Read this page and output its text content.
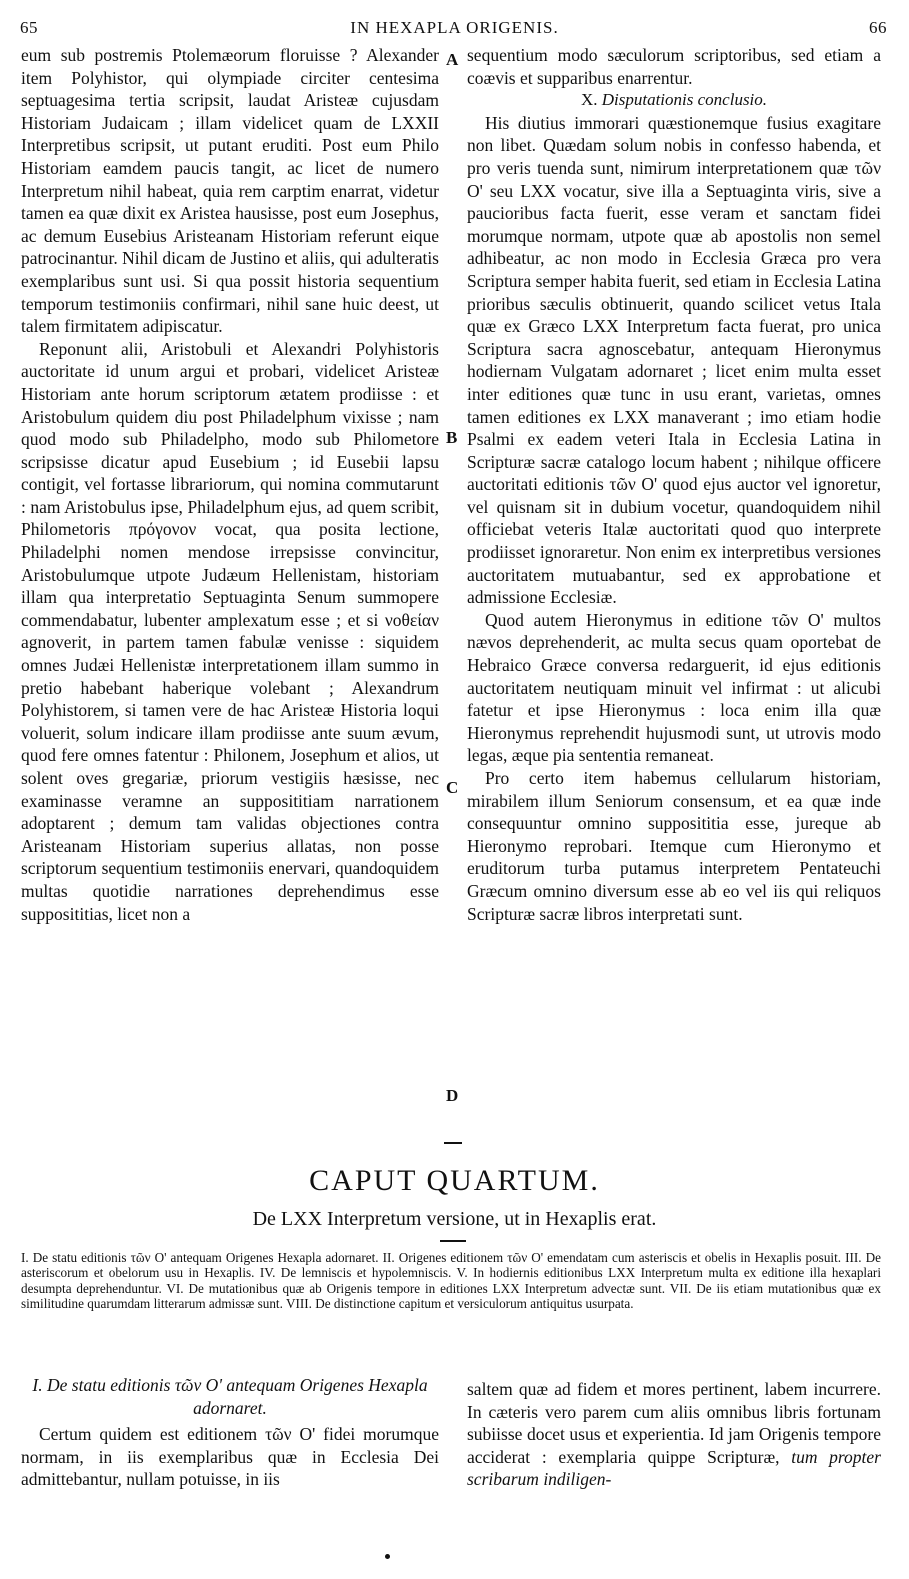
65	IN HEXAPLA ORIGENIS.	66

eum sub postremis Ptolemæorum floruisse ? Alexander item Polyhistor, qui olympiade circiter centesima septuagesima tertia scripsit, laudat Aristeæ cujusdam Historiam Judaicam ; illam videlicet quam de LXXII Interpretibus scripsit, ut putant eruditi. Post eum Philo Historiam eamdem paucis tangit, ac licet de numero Interpretum nihil habeat, quia rem carptim enarrat, videtur tamen ea quæ dixit ex Aristea hausisse, post eum Josephus, ac demum Eusebius Aristeanam Historiam referunt eique patrocinantur. Nihil dicam de Justino et aliis, qui adulteratis exemplaribus sunt usi. Si qua possit historia sequentium temporum testimoniis confirmari, nihil sane huic deest, ut talem firmitatem adipiscatur.

Reponunt alii, Aristobuli et Alexandri Polyhistoris auctoritate id unum argui et probari, videlicet Aristeæ Historiam ante horum scriptorum ætatem prodiisse : et Aristobulum quidem diu post Philadelphum vixisse ; nam quod modo sub Philadelpho, modo sub Philometore scripsisse dicatur apud Eusebium ; id Eusebii lapsu contigit, vel fortasse librariorum, qui nomina commutarunt : nam Aristobulus ipse, Philadelphum ejus, ad quem scribit, Philometoris πρόγονον vocat, qua posita lectione, Philadelphi nomen mendose irrepsisse convincitur, Aristobulumque utpote Judæum Hellenistam, historiam illam qua interpretatio Septuaginta Senum summopere commendabatur, lubenter amplexatum esse ; et si νοθείαν agnoverit, in partem tamen fabulæ venisse : siquidem omnes Judæi Hellenistæ interpretationem illam summo in pretio habebant haberique volebant ; Alexandrum Polyhistorem, si tamen vere de hac Aristeæ Historia loqui voluerit, solum indicare illam prodiisse ante suum ævum, quod fere omnes fatentur : Philonem, Josephum et alios, ut solent oves gregariæ, priorum vestigiis hæsisse, nec examinasse veramne an supposititiam narrationem adoptarent ; demum tam validas objectiones contra Aristeanam Historiam superius allatas, non posse scriptorum sequentium testimoniis enervari, quandoquidem multas quotidie narrationes deprehendimus esse supposititias, licet non a

A
B
C
D

sequentium modo sæculorum scriptoribus, sed etiam a coævis et supparibus enarrentur.

X. Disputationis conclusio.

His diutius immorari quæstionemque fusius exagitare non libet. Quædam solum nobis in confesso habenda, et pro veris tuenda sunt, nimirum interpretationem quæ τῶν O' seu LXX vocatur, sive illa a Septuaginta viris, sive a paucioribus facta fuerit, esse veram et sanctam fidei morumque normam, utpote quæ ab apostolis non semel adhibeatur, ac non modo in Ecclesia Græca pro vera Scriptura semper habita fuerit, sed etiam in Ecclesia Latina prioribus sæculis obtinuerit, quando scilicet vetus Itala quæ ex Græco LXX Interpretum facta fuerat, pro unica Scriptura sacra agnoscebatur, antequam Hieronymus hodiernam Vulgatam adornaret ; licet enim multa esset inter editiones quæ tunc in usu erant, varietas, omnes tamen editiones ex LXX manaverant ; imo etiam hodie Psalmi ex eadem veteri Itala in Ecclesia Latina in Scripturæ sacræ catalogo locum habent ; nihilque officere auctoritati editionis τῶν O' quod ejus auctor vel ignoretur, vel quisnam sit in dubium vocetur, quandoquidem nihil officiebat veteris Italæ auctoritati quod quo interprete prodiisset ignoraretur. Non enim ex interpretibus versiones auctoritatem mutuabantur, sed ex approbatione et admissione Ecclesiæ.

Quod autem Hieronymus in editione τῶν O' multos nævos deprehenderit, ac multa secus quam oportebat de Hebraico Græce conversa redarguerit, id ejus editionis auctoritatem neutiquam minuit vel infirmat : ut alicubi fatetur et ipse Hieronymus : loca enim illa quæ Hieronymus reprehendit hujusmodi sunt, ut utrovis modo legas, æque pia sententia remaneat.

Pro certo item habemus cellularum historiam, mirabilem illum Seniorum consensum, et ea quæ inde consequuntur omnino supposititia esse, jureque ab Hieronymo reprobari. Itemque cum Hieronymo et eruditorum turba putamus interpretem Pentateuchi Græcum omnino diversum esse ab eo vel iis qui reliquos Scripturæ sacræ libros interpretati sunt.

CAPUT QUARTUM.
De LXX Interpretum versione, ut in Hexaplis erat.
I. De statu editionis τῶν O' antequam Origenes Hexapla adornaret. II. Origenes editionem τῶν O' emendatam cum asteriscis et obelis in Hexaplis posuit. III. De asteriscorum et obelorum usu in Hexaplis. IV. De lemniscis et hypolemniscis. V. In hodiernis editionibus LXX Interpretum multa ex editione illa hexaplari desumpta deprehenduntur. VI. De mutationibus quæ ab Origenis tempore in editiones LXX Interpretum advectæ sunt. VII. De iis etiam mutationibus quæ ex similitudine quarumdam litterarum admissæ sunt. VIII. De distinctione capitum et versiculorum antiquitus usurpata.
I. De statu editionis τῶν O' antequam Origenes Hexapla adornaret.

Certum quidem est editionem τῶν O' fidei morumque normam, in iis exemplaribus quæ in Ecclesia Dei admittebantur, nullam potuisse, in iis

saltem quæ ad fidem et mores pertinent, labem incurrere. In cæteris vero parem cum aliis omnibus libris fortunam subiisse docet usus et experientia. Id jam Origenis tempore acciderat : exemplaria quippe Scripturæ, tum propter scribarum indiligen-
